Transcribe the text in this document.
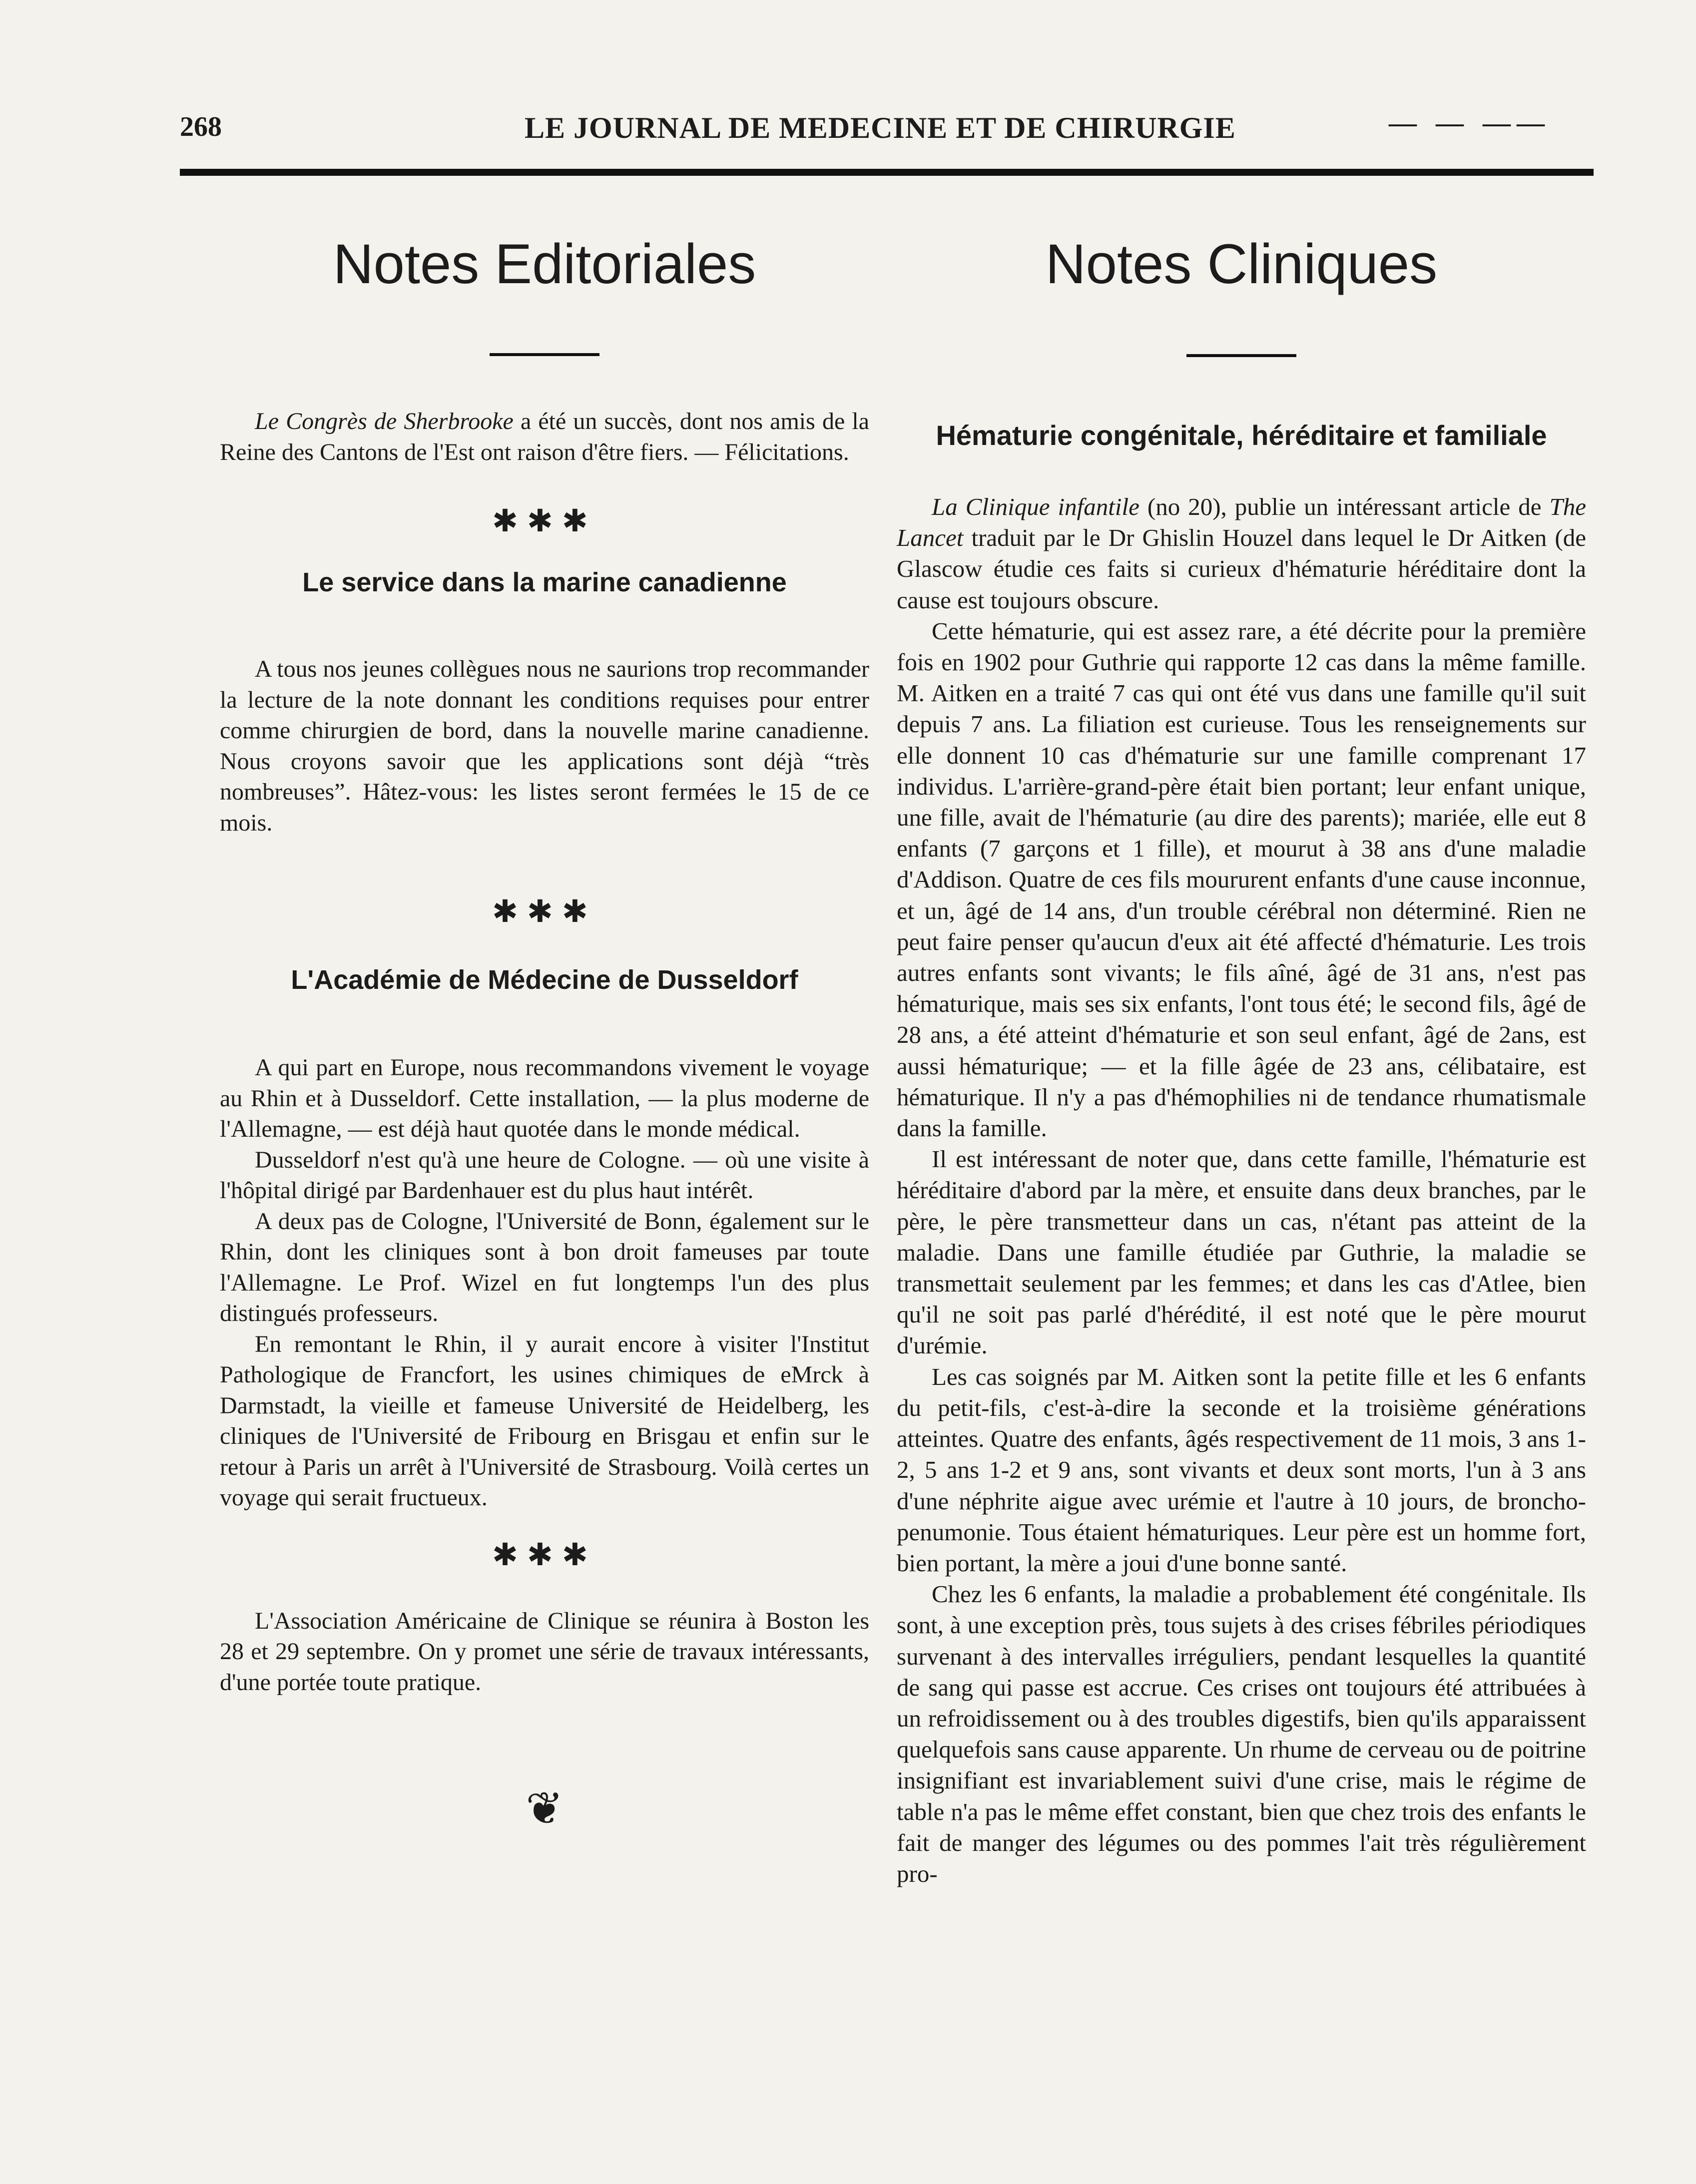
268	LE JOURNAL DE MEDECINE ET DE CHIRURGIE	— — ——
Notes Editoriales

Le Congrès de Sherbrooke a été un succès, dont nos amis de la Reine des Cantons de l'Est ont raison d'être fiers. — Félicitations.

✱✱✱
Le service dans la marine canadienne

A tous nos jeunes collègues nous ne saurions trop recommander la lecture de la note donnant les conditions requises pour entrer comme chirurgien de bord, dans la nouvelle marine canadienne. Nous croyons savoir que les applications sont déjà “très nombreuses”. Hâtez-vous: les listes seront fermées le 15 de ce mois.

✱✱✱
L'Académie de Médecine de Dusseldorf

A qui part en Europe, nous recommandons vivement le voyage au Rhin et à Dusseldorf. Cette installation, — la plus moderne de l'Allemagne, — est déjà haut quotée dans le monde médical.

Dusseldorf n'est qu'à une heure de Cologne. — où une visite à l'hôpital dirigé par Bardenhauer est du plus haut intérêt.

A deux pas de Cologne, l'Université de Bonn, également sur le Rhin, dont les cliniques sont à bon droit fameuses par toute l'Allemagne. Le Prof. Wizel en fut longtemps l'un des plus distingués professeurs.

En remontant le Rhin, il y aurait encore à visiter l'Institut Pathologique de Francfort, les usines chimiques de eMrck à Darmstadt, la vieille et fameuse Université de Heidelberg, les cliniques de l'Université de Fribourg en Brisgau et enfin sur le retour à Paris un arrêt à l'Université de Strasbourg. Voilà certes un voyage qui serait fructueux.

✱✱✱

L'Association Américaine de Clinique se réunira à Boston les 28 et 29 septembre. On y promet une série de travaux intéressants, d'une portée toute pratique.

❦
Notes Cliniques
Hématurie congénitale, héréditaire et familiale

La Clinique infantile (no 20), publie un intéressant article de The Lancet traduit par le Dr Ghislin Houzel dans lequel le Dr Aitken (de Glascow étudie ces faits si curieux d'hématurie héréditaire dont la cause est toujours obscure.

Cette hématurie, qui est assez rare, a été décrite pour la première fois en 1902 pour Guthrie qui rapporte 12 cas dans la même famille. M. Aitken en a traité 7 cas qui ont été vus dans une famille qu'il suit depuis 7 ans. La filiation est curieuse. Tous les renseignements sur elle donnent 10 cas d'hématurie sur une famille comprenant 17 individus. L'arrière-grand-père était bien portant; leur enfant unique, une fille, avait de l'hématurie (au dire des parents); mariée, elle eut 8 enfants (7 garçons et 1 fille), et mourut à 38 ans d'une maladie d'Addison. Quatre de ces fils moururent enfants d'une cause inconnue, et un, âgé de 14 ans, d'un trouble cérébral non déterminé. Rien ne peut faire penser qu'aucun d'eux ait été affecté d'hématurie. Les trois autres enfants sont vivants; le fils aîné, âgé de 31 ans, n'est pas hématurique, mais ses six enfants, l'ont tous été; le second fils, âgé de 28 ans, a été atteint d'hématurie et son seul enfant, âgé de 2ans, est aussi hématurique; — et la fille âgée de 23 ans, célibataire, est hématurique. Il n'y a pas d'hémophilies ni de tendance rhumatismale dans la famille.

Il est intéressant de noter que, dans cette famille, l'hématurie est héréditaire d'abord par la mère, et ensuite dans deux branches, par le père, le père transmetteur dans un cas, n'étant pas atteint de la maladie. Dans une famille étudiée par Guthrie, la maladie se transmettait seulement par les femmes; et dans les cas d'Atlee, bien qu'il ne soit pas parlé d'hérédité, il est noté que le père mourut d'urémie.

Les cas soignés par M. Aitken sont la petite fille et les 6 enfants du petit-fils, c'est-à-dire la seconde et la troisième générations atteintes. Quatre des enfants, âgés respectivement de 11 mois, 3 ans 1-2, 5 ans 1-2 et 9 ans, sont vivants et deux sont morts, l'un à 3 ans d'une néphrite aigue avec urémie et l'autre à 10 jours, de broncho-penumonie. Tous étaient hématuriques. Leur père est un homme fort, bien portant, la mère a joui d'une bonne santé.

Chez les 6 enfants, la maladie a probablement été congénitale. Ils sont, à une exception près, tous sujets à des crises fébriles périodiques survenant à des intervalles irréguliers, pendant lesquelles la quantité de sang qui passe est accrue. Ces crises ont toujours été attribuées à un refroidissement ou à des troubles digestifs, bien qu'ils apparaissent quelquefois sans cause apparente. Un rhume de cerveau ou de poitrine insignifiant est invariablement suivi d'une crise, mais le régime de table n'a pas le même effet constant, bien que chez trois des enfants le fait de manger des légumes ou des pommes l'ait très régulièrement pro-
